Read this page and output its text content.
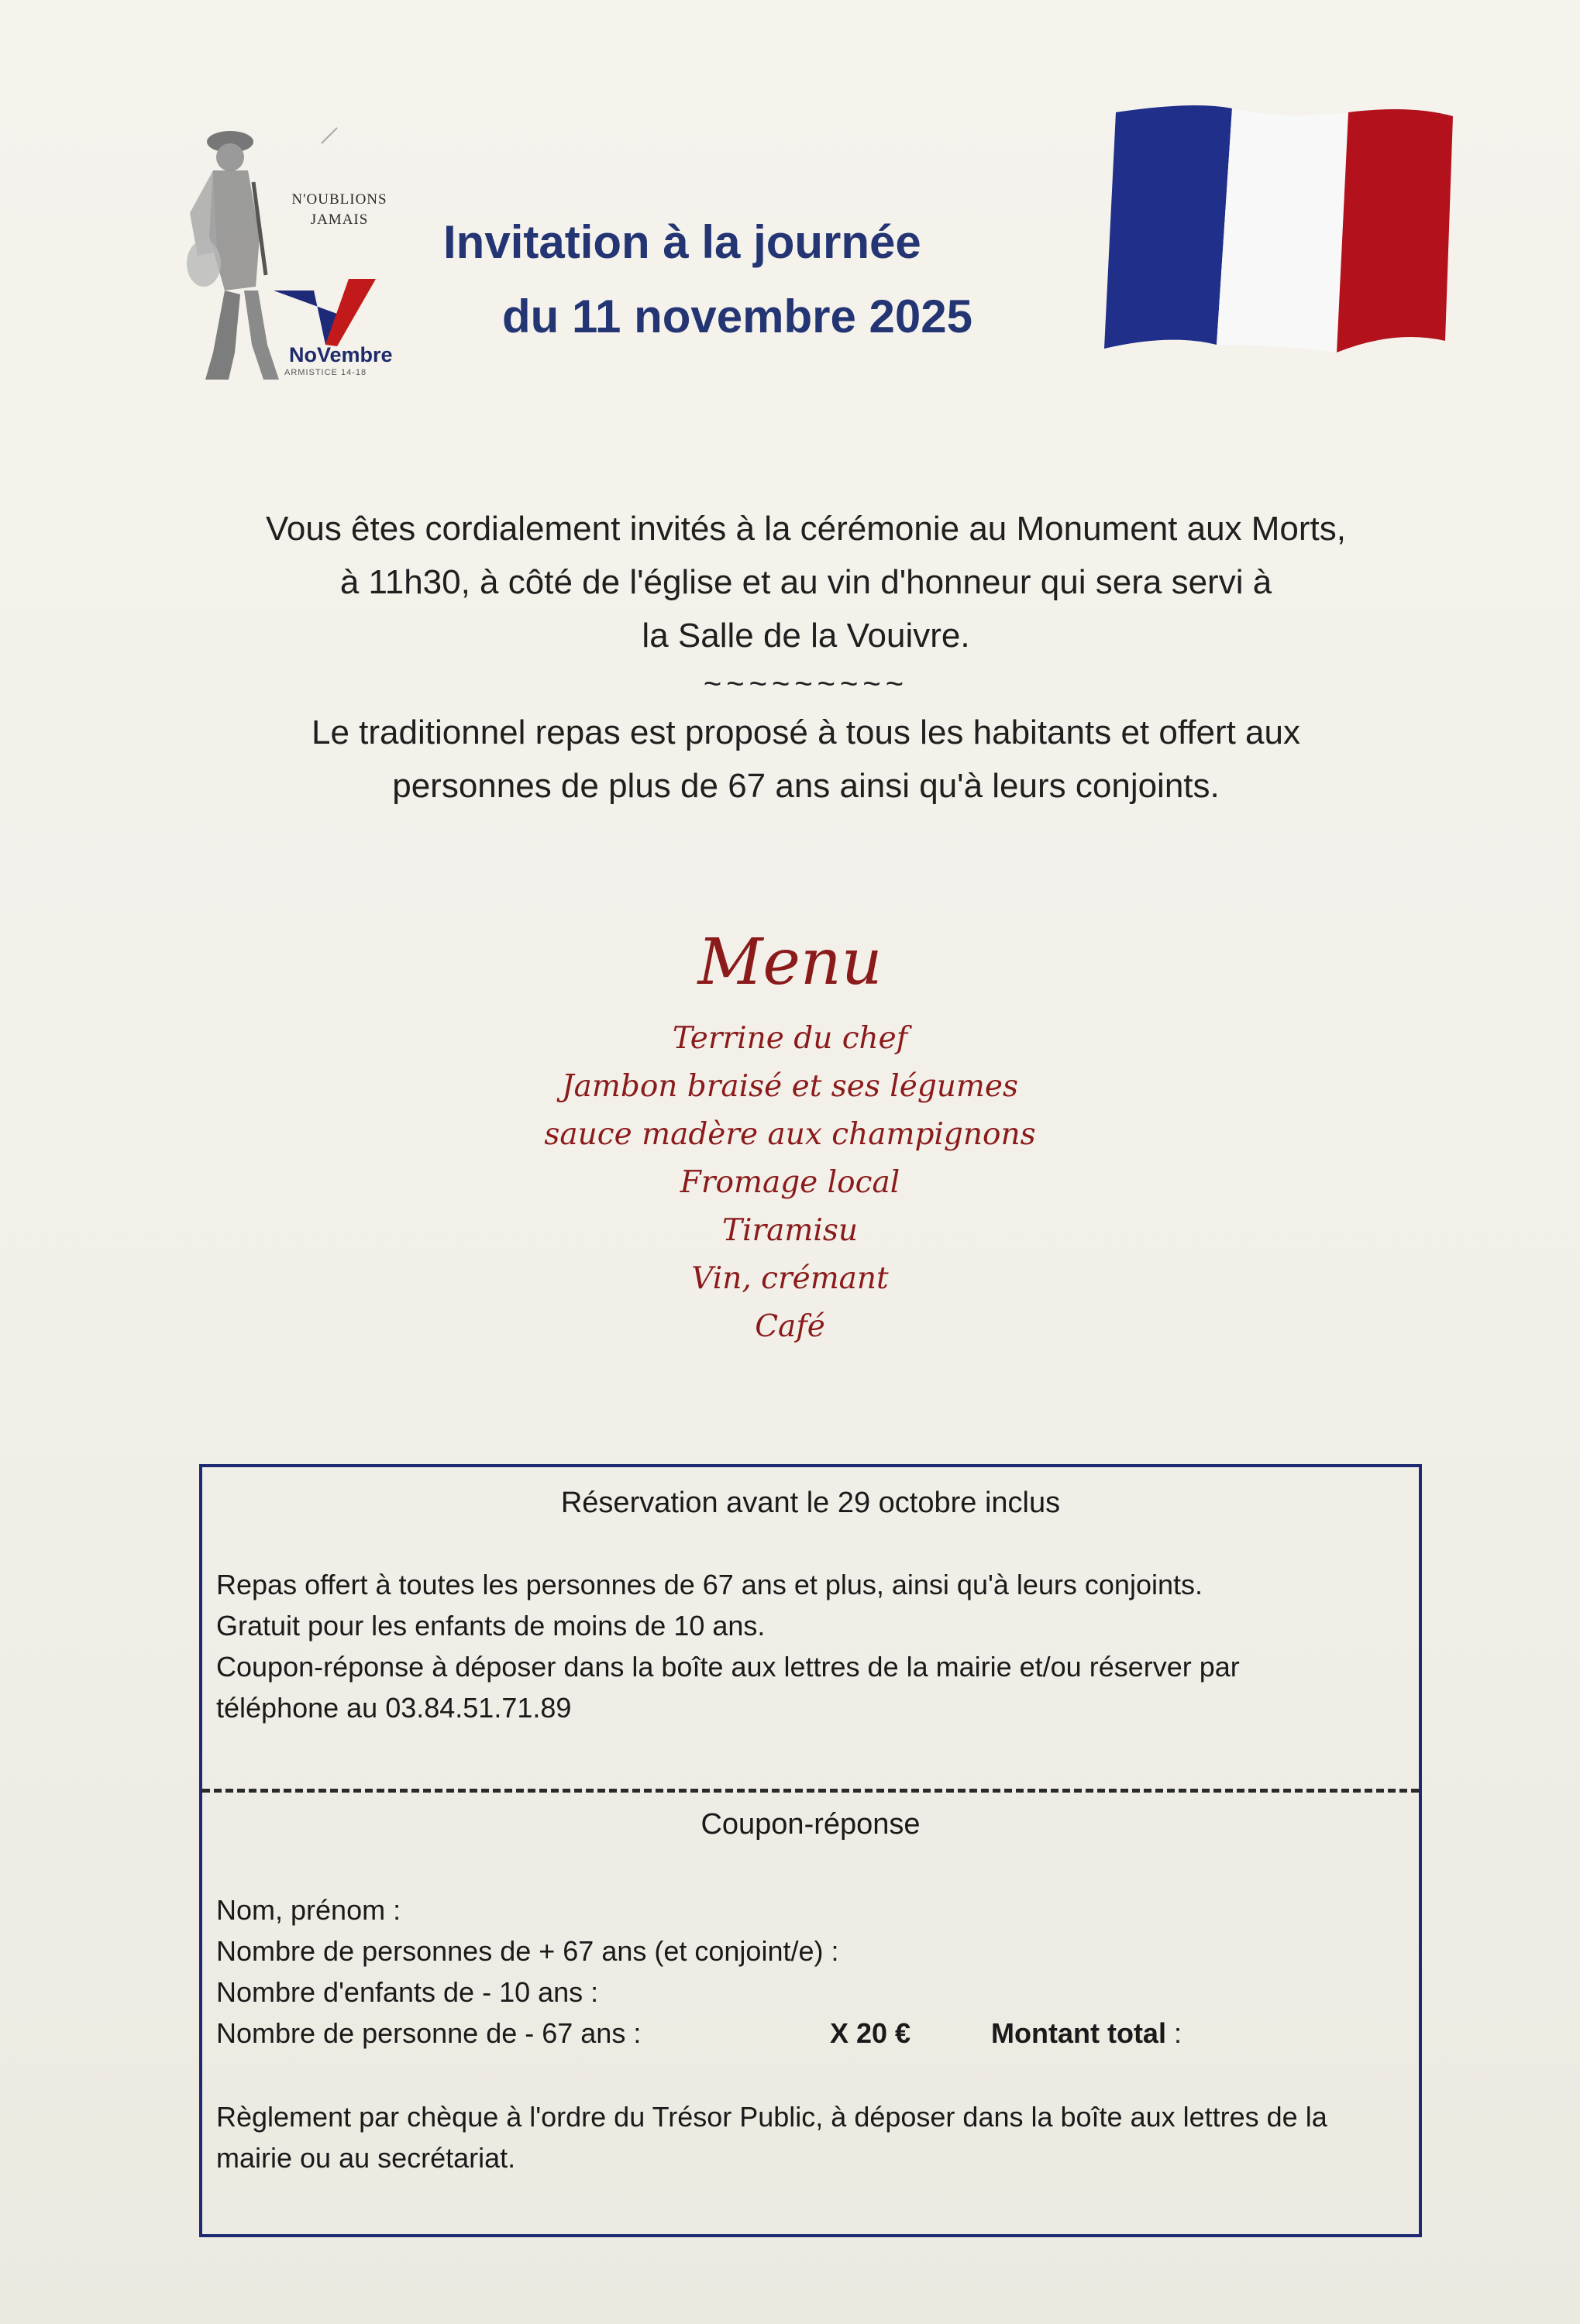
N'OUBLIONS
JAMAIS
NoVembre
ARMISTICE 14-18
Invitation à la journée
du 11 novembre 2025

Vous êtes cordialement invités à la cérémonie au Monument aux Morts,

à 11h30, à côté de l'église et au vin d'honneur qui sera servi à

la Salle de la Vouivre.

~~~~~~~~~

Le traditionnel repas est proposé à tous les habitants et offert aux

personnes de plus de 67 ans ainsi qu'à leurs conjoints.

Menu
Terrine du chef
Jambon braisé et ses légumes
sauce madère aux champignons
Fromage local
Tiramisu
Vin, crémant
Café
Réservation avant le 29 octobre inclus
Repas offert à toutes les personnes de 67 ans et plus, ainsi qu'à leurs conjoints.
Gratuit pour les enfants de moins de 10 ans.
Coupon-réponse à déposer dans la boîte aux lettres de la mairie et/ou réserver par
téléphone au 03.84.51.71.89
Coupon-réponse
Nom, prénom :
Nombre de personnes de + 67 ans (et conjoint/e) :
Nombre d'enfants de - 10 ans :
Nombre de personne de - 67 ans :	X 20 €	Montant total :
Règlement par chèque à l'ordre du Trésor Public, à déposer dans la boîte aux lettres de la
mairie ou au secrétariat.
